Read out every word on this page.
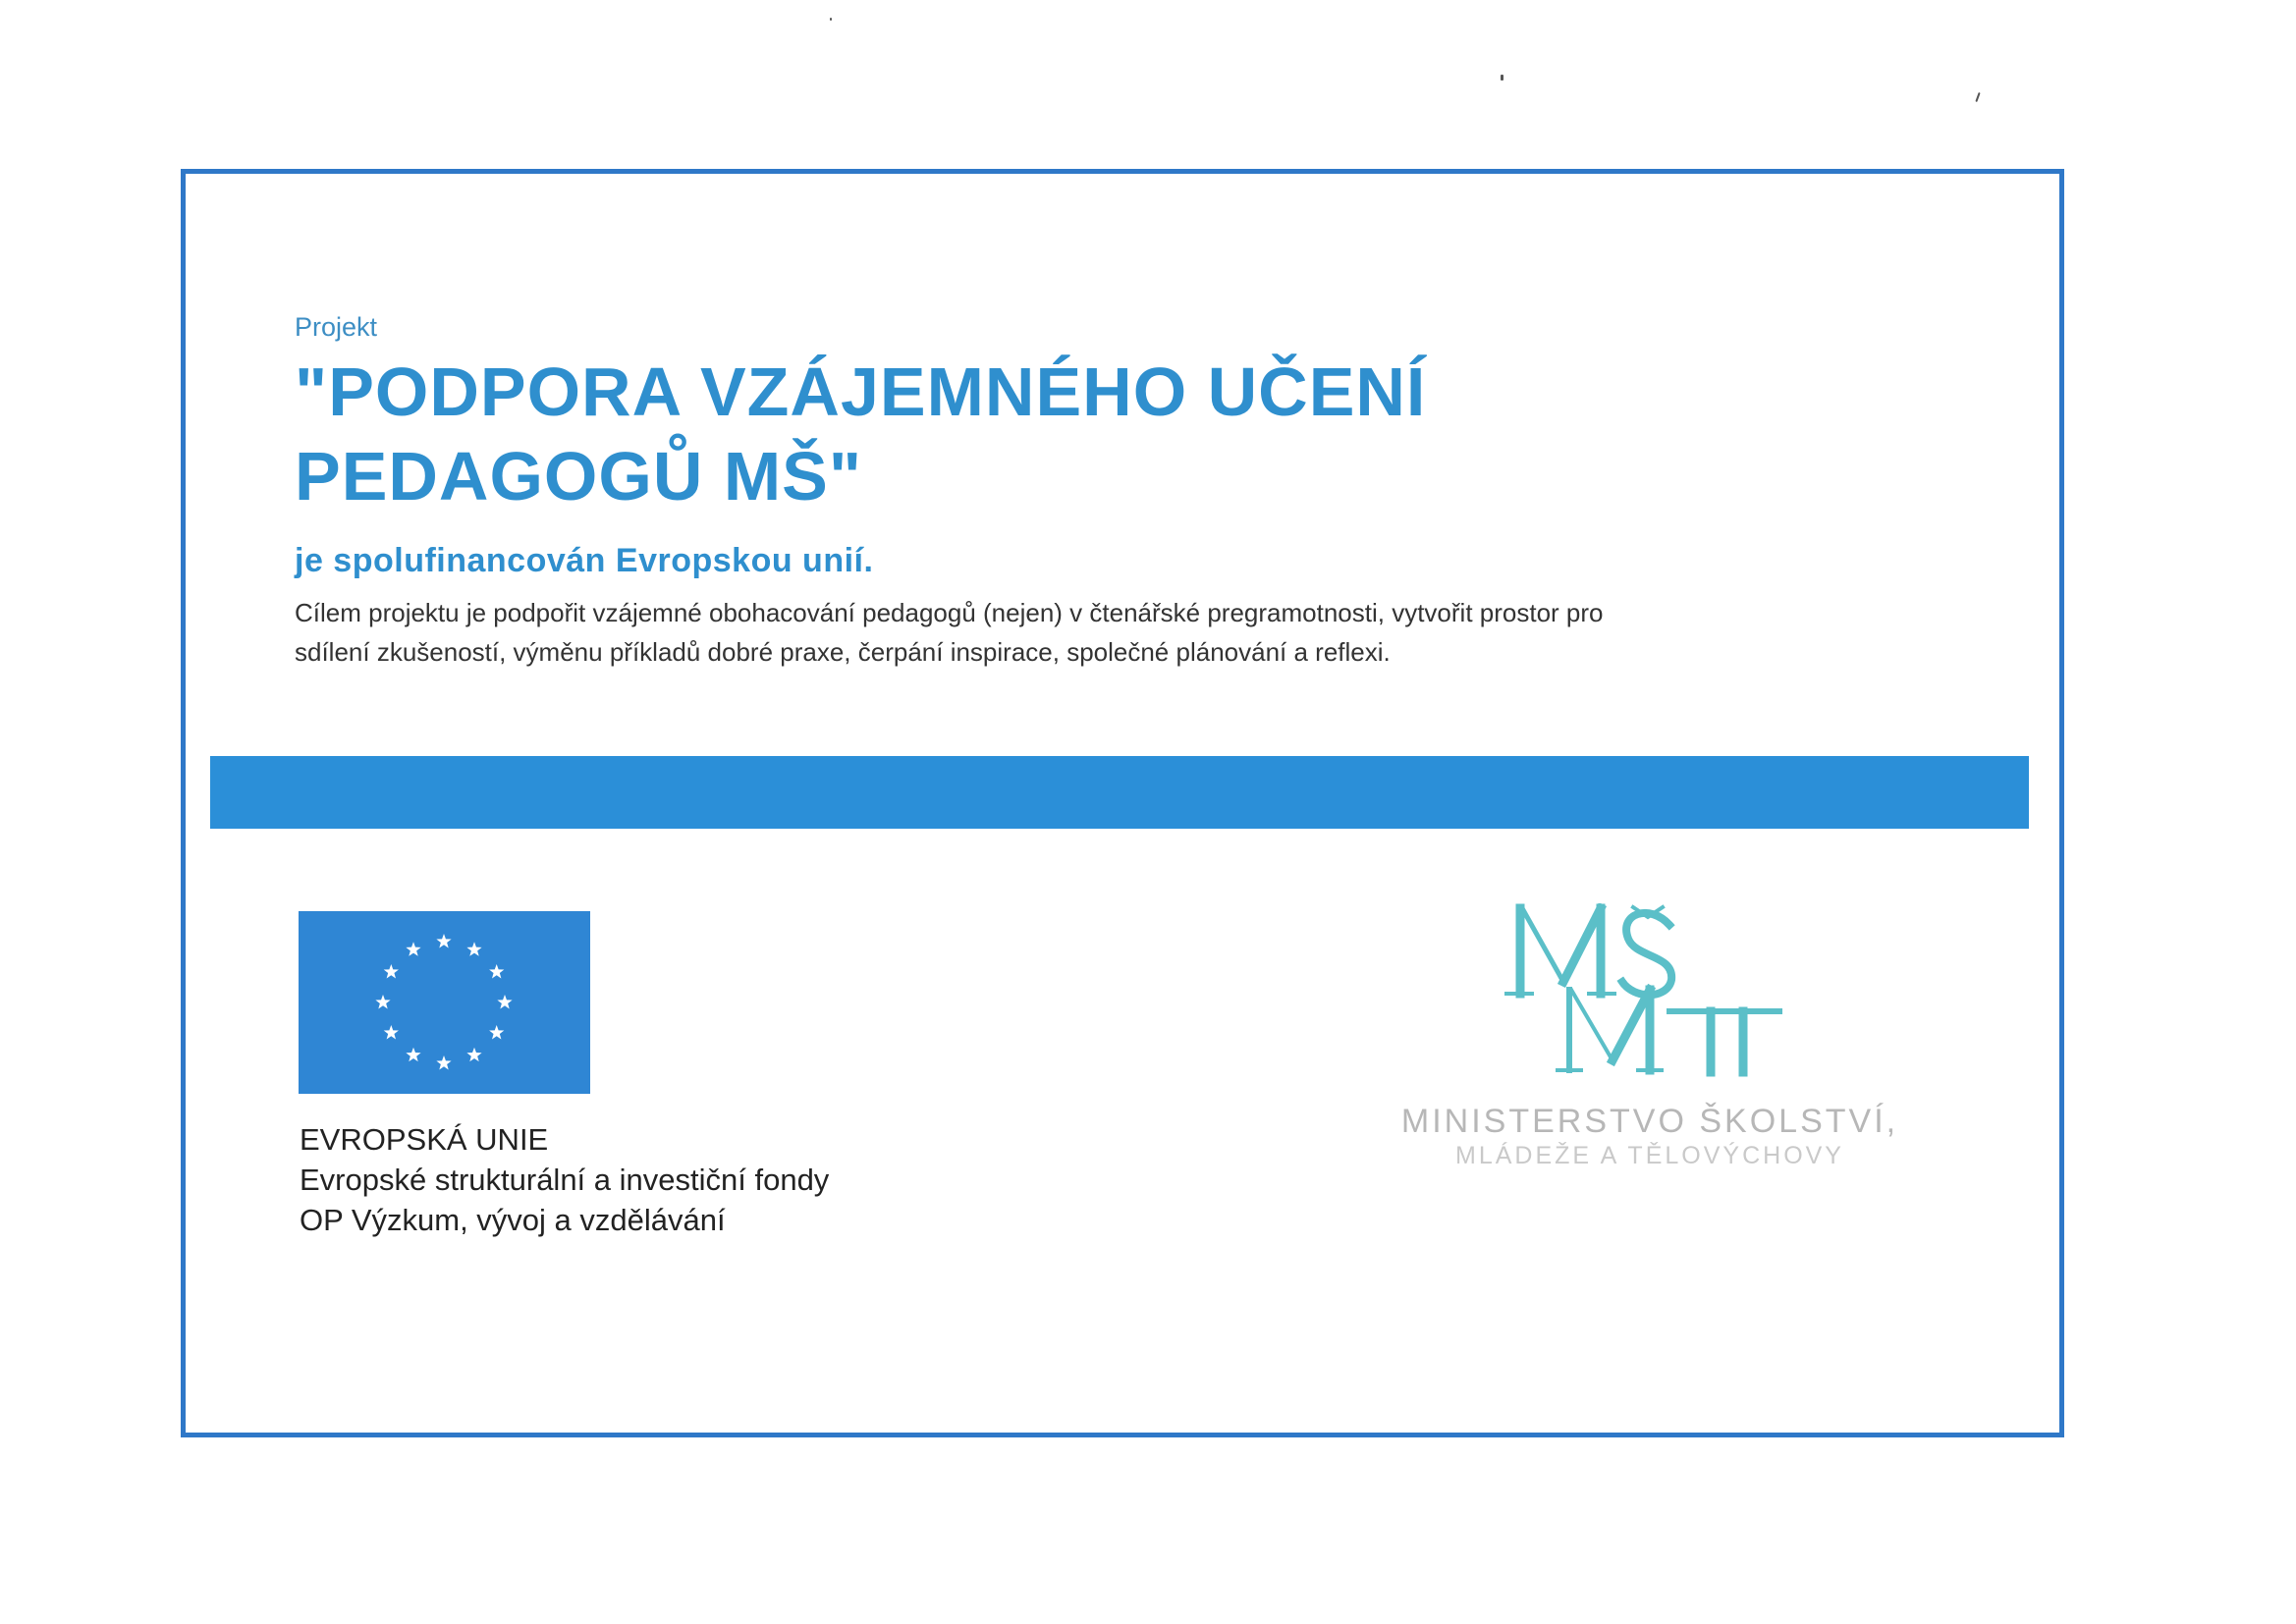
Projekt
"PODPORA VZÁJEMNÉHO UČENÍ
PEDAGOGŮ MŠ"
je spolufinancován Evropskou unií.
Cílem projektu je podpořit vzájemné obohacování pedagogů (nejen) v čtenářské pregramotnosti, vytvořit prostor pro
sdílení zkušeností, výměnu příkladů dobré praxe, čerpání inspirace, společné plánování a reflexi.
EVROPSKÁ UNIE
Evropské strukturální a investiční fondy
OP Výzkum, vývoj a vzdělávání
MINISTERSTVO ŠKOLSTVÍ,
MLÁDEŽE A TĚLOVÝCHOVY
